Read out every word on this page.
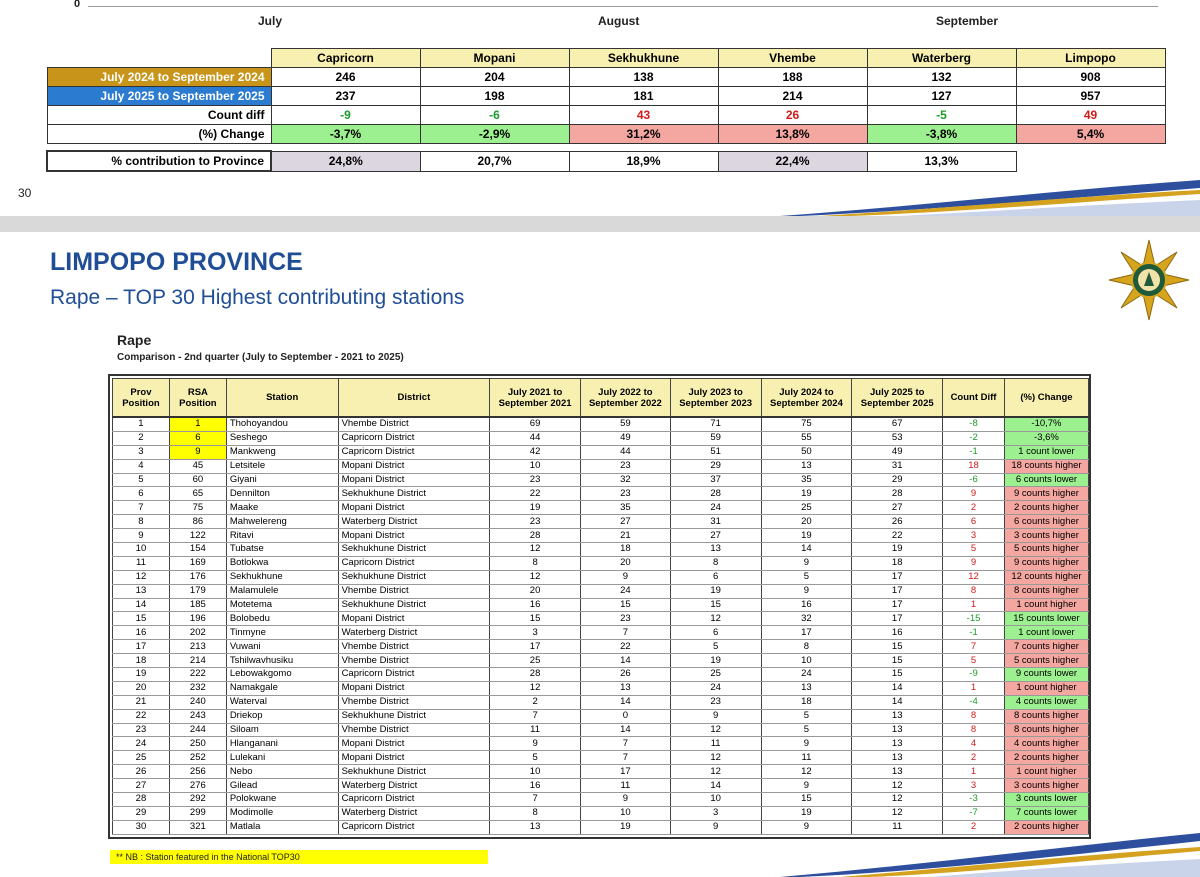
0
July	August	September
	Capricorn	Mopani	Sekhukhune	Vhembe	Waterberg	Limpopo
July 2024 to September 2024	246	204	138	188	132	908
July 2025 to September 2025	237	198	181	214	127	957
Count diff	-9	-6	43	26	-5	49
(%) Change	-3,7%	-2,9%	31,2%	13,8%	-3,8%	5,4%

% contribution to Province	24,8%	20,7%	18,9%	22,4%	13,3%	
30
LIMPOPO PROVINCE
Rape – TOP 30 Highest contributing stations
Rape
Comparison - 2nd quarter (July to September - 2021 to 2025)
Prov Position	RSA Position	Station	District	July 2021 to September 2021	July 2022 to September 2022	July 2023 to September 2023	July 2024 to September 2024	July 2025 to September 2025	Count Diff	(%) Change
1	1	Thohoyandou	Vhembe District	69	59	71	75	67	-8	-10,7%
2	6	Seshego	Capricorn District	44	49	59	55	53	-2	-3,6%
3	9	Mankweng	Capricorn District	42	44	51	50	49	-1	1 count lower
4	45	Letsitele	Mopani District	10	23	29	13	31	18	18 counts higher
5	60	Giyani	Mopani District	23	32	37	35	29	-6	6 counts lower
6	65	Dennilton	Sekhukhune District	22	23	28	19	28	9	9 counts higher
7	75	Maake	Mopani District	19	35	24	25	27	2	2 counts higher
8	86	Mahwelereng	Waterberg District	23	27	31	20	26	6	6 counts higher
9	122	Ritavi	Mopani District	28	21	27	19	22	3	3 counts higher
10	154	Tubatse	Sekhukhune District	12	18	13	14	19	5	5 counts higher
11	169	Botlokwa	Capricorn District	8	20	8	9	18	9	9 counts higher
12	176	Sekhukhune	Sekhukhune District	12	9	6	5	17	12	12 counts higher
13	179	Malamulele	Vhembe District	20	24	19	9	17	8	8 counts higher
14	185	Motetema	Sekhukhune District	16	15	15	16	17	1	1 count higher
15	196	Bolobedu	Mopani District	15	23	12	32	17	-15	15 counts lower
16	202	Tinmyne	Waterberg District	3	7	6	17	16	-1	1 count lower
17	213	Vuwani	Vhembe District	17	22	5	8	15	7	7 counts higher
18	214	Tshilwavhusiku	Vhembe District	25	14	19	10	15	5	5 counts higher
19	222	Lebowakgomo	Capricorn District	28	26	25	24	15	-9	9 counts lower
20	232	Namakgale	Mopani District	12	13	24	13	14	1	1 count higher
21	240	Waterval	Vhembe District	2	14	23	18	14	-4	4 counts lower
22	243	Driekop	Sekhukhune District	7	0	9	5	13	8	8 counts higher
23	244	Siloam	Vhembe District	11	14	12	5	13	8	8 counts higher
24	250	Hlanganani	Mopani District	9	7	11	9	13	4	4 counts higher
25	252	Lulekani	Mopani District	5	7	12	11	13	2	2 counts higher
26	256	Nebo	Sekhukhune District	10	17	12	12	13	1	1 count higher
27	276	Gilead	Waterberg District	16	11	14	9	12	3	3 counts higher
28	292	Polokwane	Capricorn District	7	9	10	15	12	-3	3 counts lower
29	299	Modimolle	Waterberg District	8	10	3	19	12	-7	7 counts lower
30	321	Matlala	Capricorn District	13	19	9	9	11	2	2 counts higher
** NB : Station featured in the National TOP30
